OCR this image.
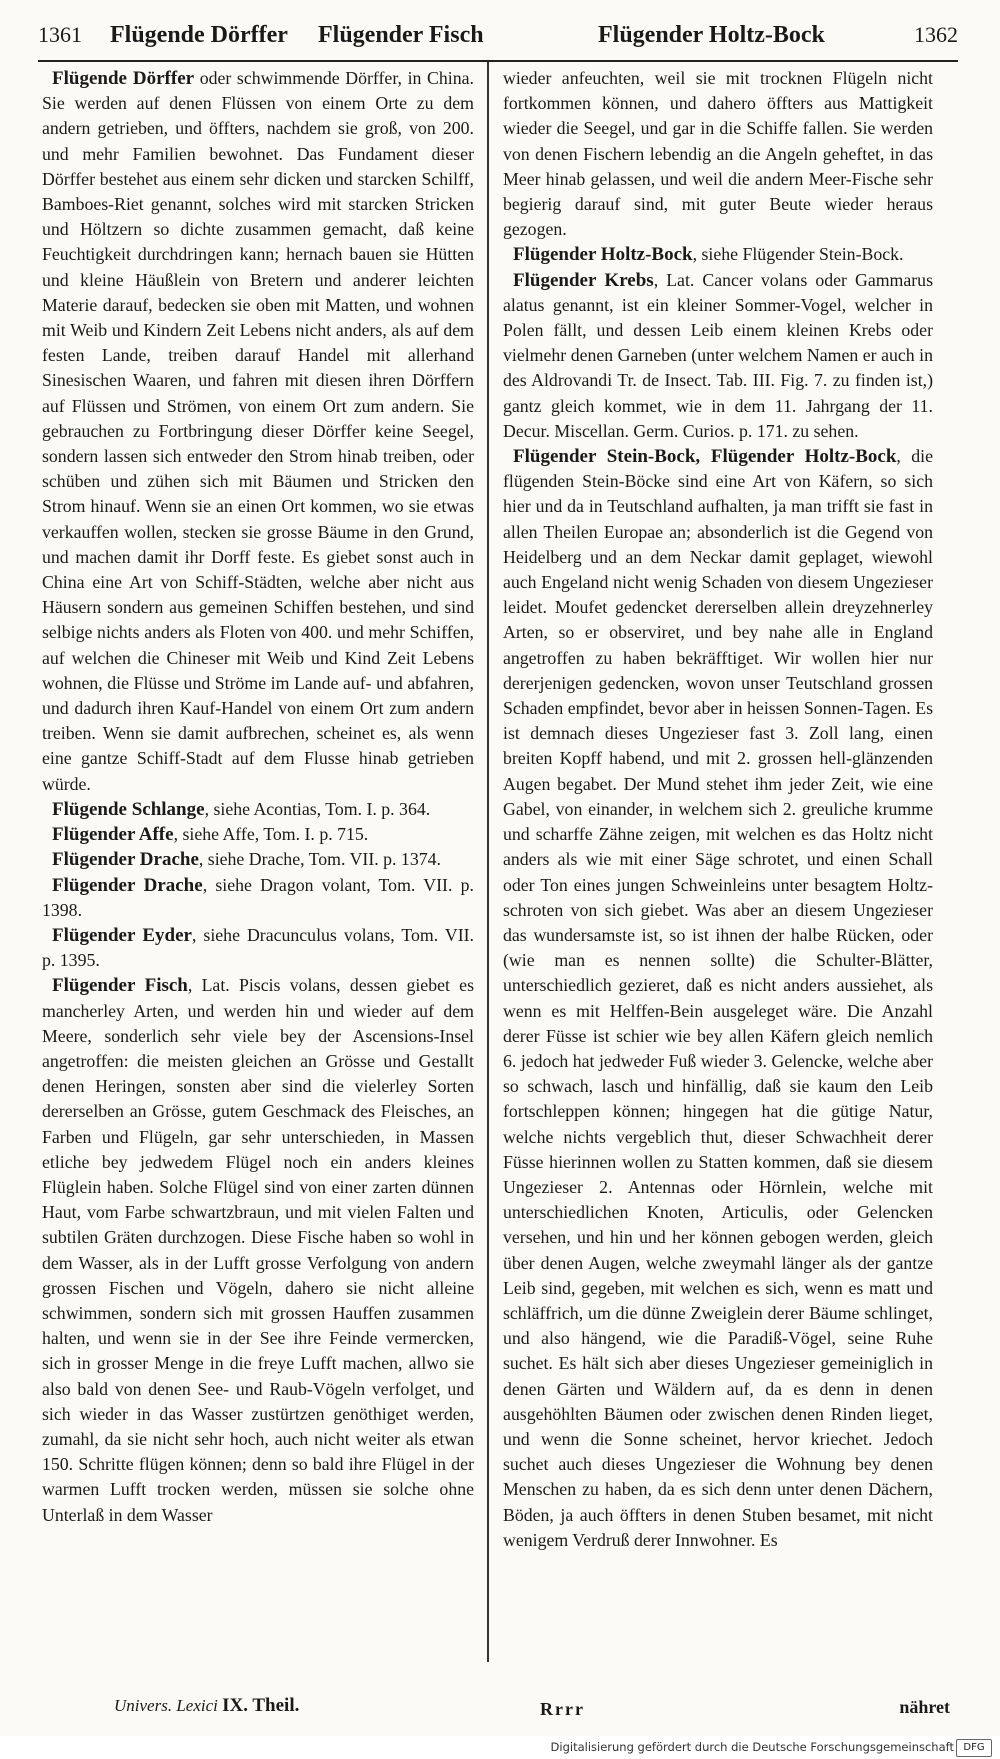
1361 Flügende Dörffer Flügender Fisch	Flügender Holtz-Bock	1362

Flügende Dörffer oder schwimmende Dörffer, in China. Sie werden auf denen Flüssen von einem Orte zu dem andern getrieben, und öffters, nachdem sie groß, von 200. und mehr Familien bewohnet. Das Fundament dieser Dörffer bestehet aus einem sehr dicken und starcken Schilff, Bamboes-Riet genannt, solches wird mit starcken Stricken und Höltzern so dichte zusammen gemacht, daß keine Feuchtigkeit durchdringen kann; hernach bauen sie Hütten und kleine Häußlein von Bretern und anderer leichten Materie darauf, bedecken sie oben mit Matten, und wohnen mit Weib und Kindern Zeit Lebens nicht anders, als auf dem festen Lande, treiben darauf Handel mit allerhand Sinesischen Waaren, und fahren mit diesen ihren Dörffern auf Flüssen und Strömen, von einem Ort zum andern. Sie gebrauchen zu Fortbringung dieser Dörffer keine Seegel, sondern lassen sich entweder den Strom hinab treiben, oder schüben und zühen sich mit Bäumen und Stricken den Strom hinauf. Wenn sie an einen Ort kommen, wo sie etwas verkauffen wollen, stecken sie grosse Bäume in den Grund, und machen damit ihr Dorff feste. Es giebet sonst auch in China eine Art von Schiff-Städten, welche aber nicht aus Häusern sondern aus gemeinen Schiffen bestehen, und sind selbige nichts anders als Floten von 400. und mehr Schiffen, auf welchen die Chineser mit Weib und Kind Zeit Lebens wohnen, die Flüsse und Ströme im Lande auf- und abfahren, und dadurch ihren Kauf-Handel von einem Ort zum andern treiben. Wenn sie damit aufbrechen, scheinet es, als wenn eine gantze Schiff-Stadt auf dem Flusse hinab getrieben würde.

Flügende Schlange, siehe Acontias, Tom. I. p. 364.

Flügender Affe, siehe Affe, Tom. I. p. 715.

Flügender Drache, siehe Drache, Tom. VII. p. 1374.

Flügender Drache, siehe Dragon volant, Tom. VII. p. 1398.

Flügender Eyder, siehe Dracunculus volans, Tom. VII. p. 1395.

Flügender Fisch, Lat. Piscis volans, dessen giebet es mancherley Arten, und werden hin und wieder auf dem Meere, sonderlich sehr viele bey der Ascensions-Insel angetroffen: die meisten gleichen an Grösse und Gestallt denen Heringen, sonsten aber sind die vielerley Sorten dererselben an Grösse, gutem Geschmack des Fleisches, an Farben und Flügeln, gar sehr unterschieden, in Massen etliche bey jedwedem Flügel noch ein anders kleines Flüglein haben. Solche Flügel sind von einer zarten dünnen Haut, vom Farbe schwartzbraun, und mit vielen Falten und subtilen Gräten durchzogen. Diese Fische haben so wohl in dem Wasser, als in der Lufft grosse Verfolgung von andern grossen Fischen und Vögeln, dahero sie nicht alleine schwimmen, sondern sich mit grossen Hauffen zusammen halten, und wenn sie in der See ihre Feinde vermercken, sich in grosser Menge in die freye Lufft machen, allwo sie also bald von denen See- und Raub-Vögeln verfolget, und sich wieder in das Wasser zustürtzen genöthiget werden, zumahl, da sie nicht sehr hoch, auch nicht weiter als etwan 150. Schritte flügen können; denn so bald ihre Flügel in der warmen Lufft trocken werden, müssen sie solche ohne Unterlaß in dem Wasser

wieder anfeuchten, weil sie mit trocknen Flügeln nicht fortkommen können, und dahero öffters aus Mattigkeit wieder die Seegel, und gar in die Schiffe fallen. Sie werden von denen Fischern lebendig an die Angeln geheftet, in das Meer hinab gelassen, und weil die andern Meer-Fische sehr begierig darauf sind, mit guter Beute wieder heraus gezogen.

Flügender Holtz-Bock, siehe Flügender Stein-Bock.

Flügender Krebs, Lat. Cancer volans oder Gammarus alatus genannt, ist ein kleiner Sommer-Vogel, welcher in Polen fällt, und dessen Leib einem kleinen Krebs oder vielmehr denen Garneben (unter welchem Namen er auch in des Aldrovandi Tr. de Insect. Tab. III. Fig. 7. zu finden ist,) gantz gleich kommet, wie in dem 11. Jahrgang der 11. Decur. Miscellan. Germ. Curios. p. 171. zu sehen.

Flügender Stein-Bock, Flügender Holtz-Bock, die flügenden Stein-Böcke sind eine Art von Käfern, so sich hier und da in Teutschland aufhalten, ja man trifft sie fast in allen Theilen Europae an; absonderlich ist die Gegend von Heidelberg und an dem Neckar damit geplaget, wiewohl auch Engeland nicht wenig Schaden von diesem Ungezieser leidet. Moufet gedencket dererselben allein dreyzehnerley Arten, so er observiret, und bey nahe alle in England angetroffen zu haben bekräfftiget. Wir wollen hier nur dererjenigen gedencken, wovon unser Teutschland grossen Schaden empfindet, bevor aber in heissen Sonnen-Tagen. Es ist demnach dieses Ungezieser fast 3. Zoll lang, einen breiten Kopff habend, und mit 2. grossen hell-glänzenden Augen begabet. Der Mund stehet ihm jeder Zeit, wie eine Gabel, von einander, in welchem sich 2. greuliche krumme und scharffe Zähne zeigen, mit welchen es das Holtz nicht anders als wie mit einer Säge schrotet, und einen Schall oder Ton eines jungen Schweinleins unter besagtem Holtz-schroten von sich giebet. Was aber an diesem Ungezieser das wundersamste ist, so ist ihnen der halbe Rücken, oder (wie man es nennen sollte) die Schulter-Blätter, unterschiedlich gezieret, daß es nicht anders aussiehet, als wenn es mit Helffen-Bein ausgeleget wäre. Die Anzahl derer Füsse ist schier wie bey allen Käfern gleich nemlich 6. jedoch hat jedweder Fuß wieder 3. Gelencke, welche aber so schwach, lasch und hinfällig, daß sie kaum den Leib fortschleppen können; hingegen hat die gütige Natur, welche nichts vergeblich thut, dieser Schwachheit derer Füsse hierinnen wollen zu Statten kommen, daß sie diesem Ungezieser 2. Antennas oder Hörnlein, welche mit unterschiedlichen Knoten, Articulis, oder Gelencken versehen, und hin und her können gebogen werden, gleich über denen Augen, welche zweymahl länger als der gantze Leib sind, gegeben, mit welchen es sich, wenn es matt und schläffrich, um die dünne Zweiglein derer Bäume schlinget, und also hängend, wie die Paradiß-Vögel, seine Ruhe suchet. Es hält sich aber dieses Ungezieser gemeiniglich in denen Gärten und Wäldern auf, da es denn in denen ausgehöhlten Bäumen oder zwischen denen Rinden lieget, und wenn die Sonne scheinet, hervor kriechet. Jedoch suchet auch dieses Ungezieser die Wohnung bey denen Menschen zu haben, da es sich denn unter denen Dächern, Böden, ja auch öffters in denen Stuben besamet, mit nicht wenigem Verdruß derer Innwohner. Es

Univers. Lexici IX. Theil.	Rrrr	nähret
Digitalisierung gefördert durch die Deutsche Forschungsgemeinschaft DFG
